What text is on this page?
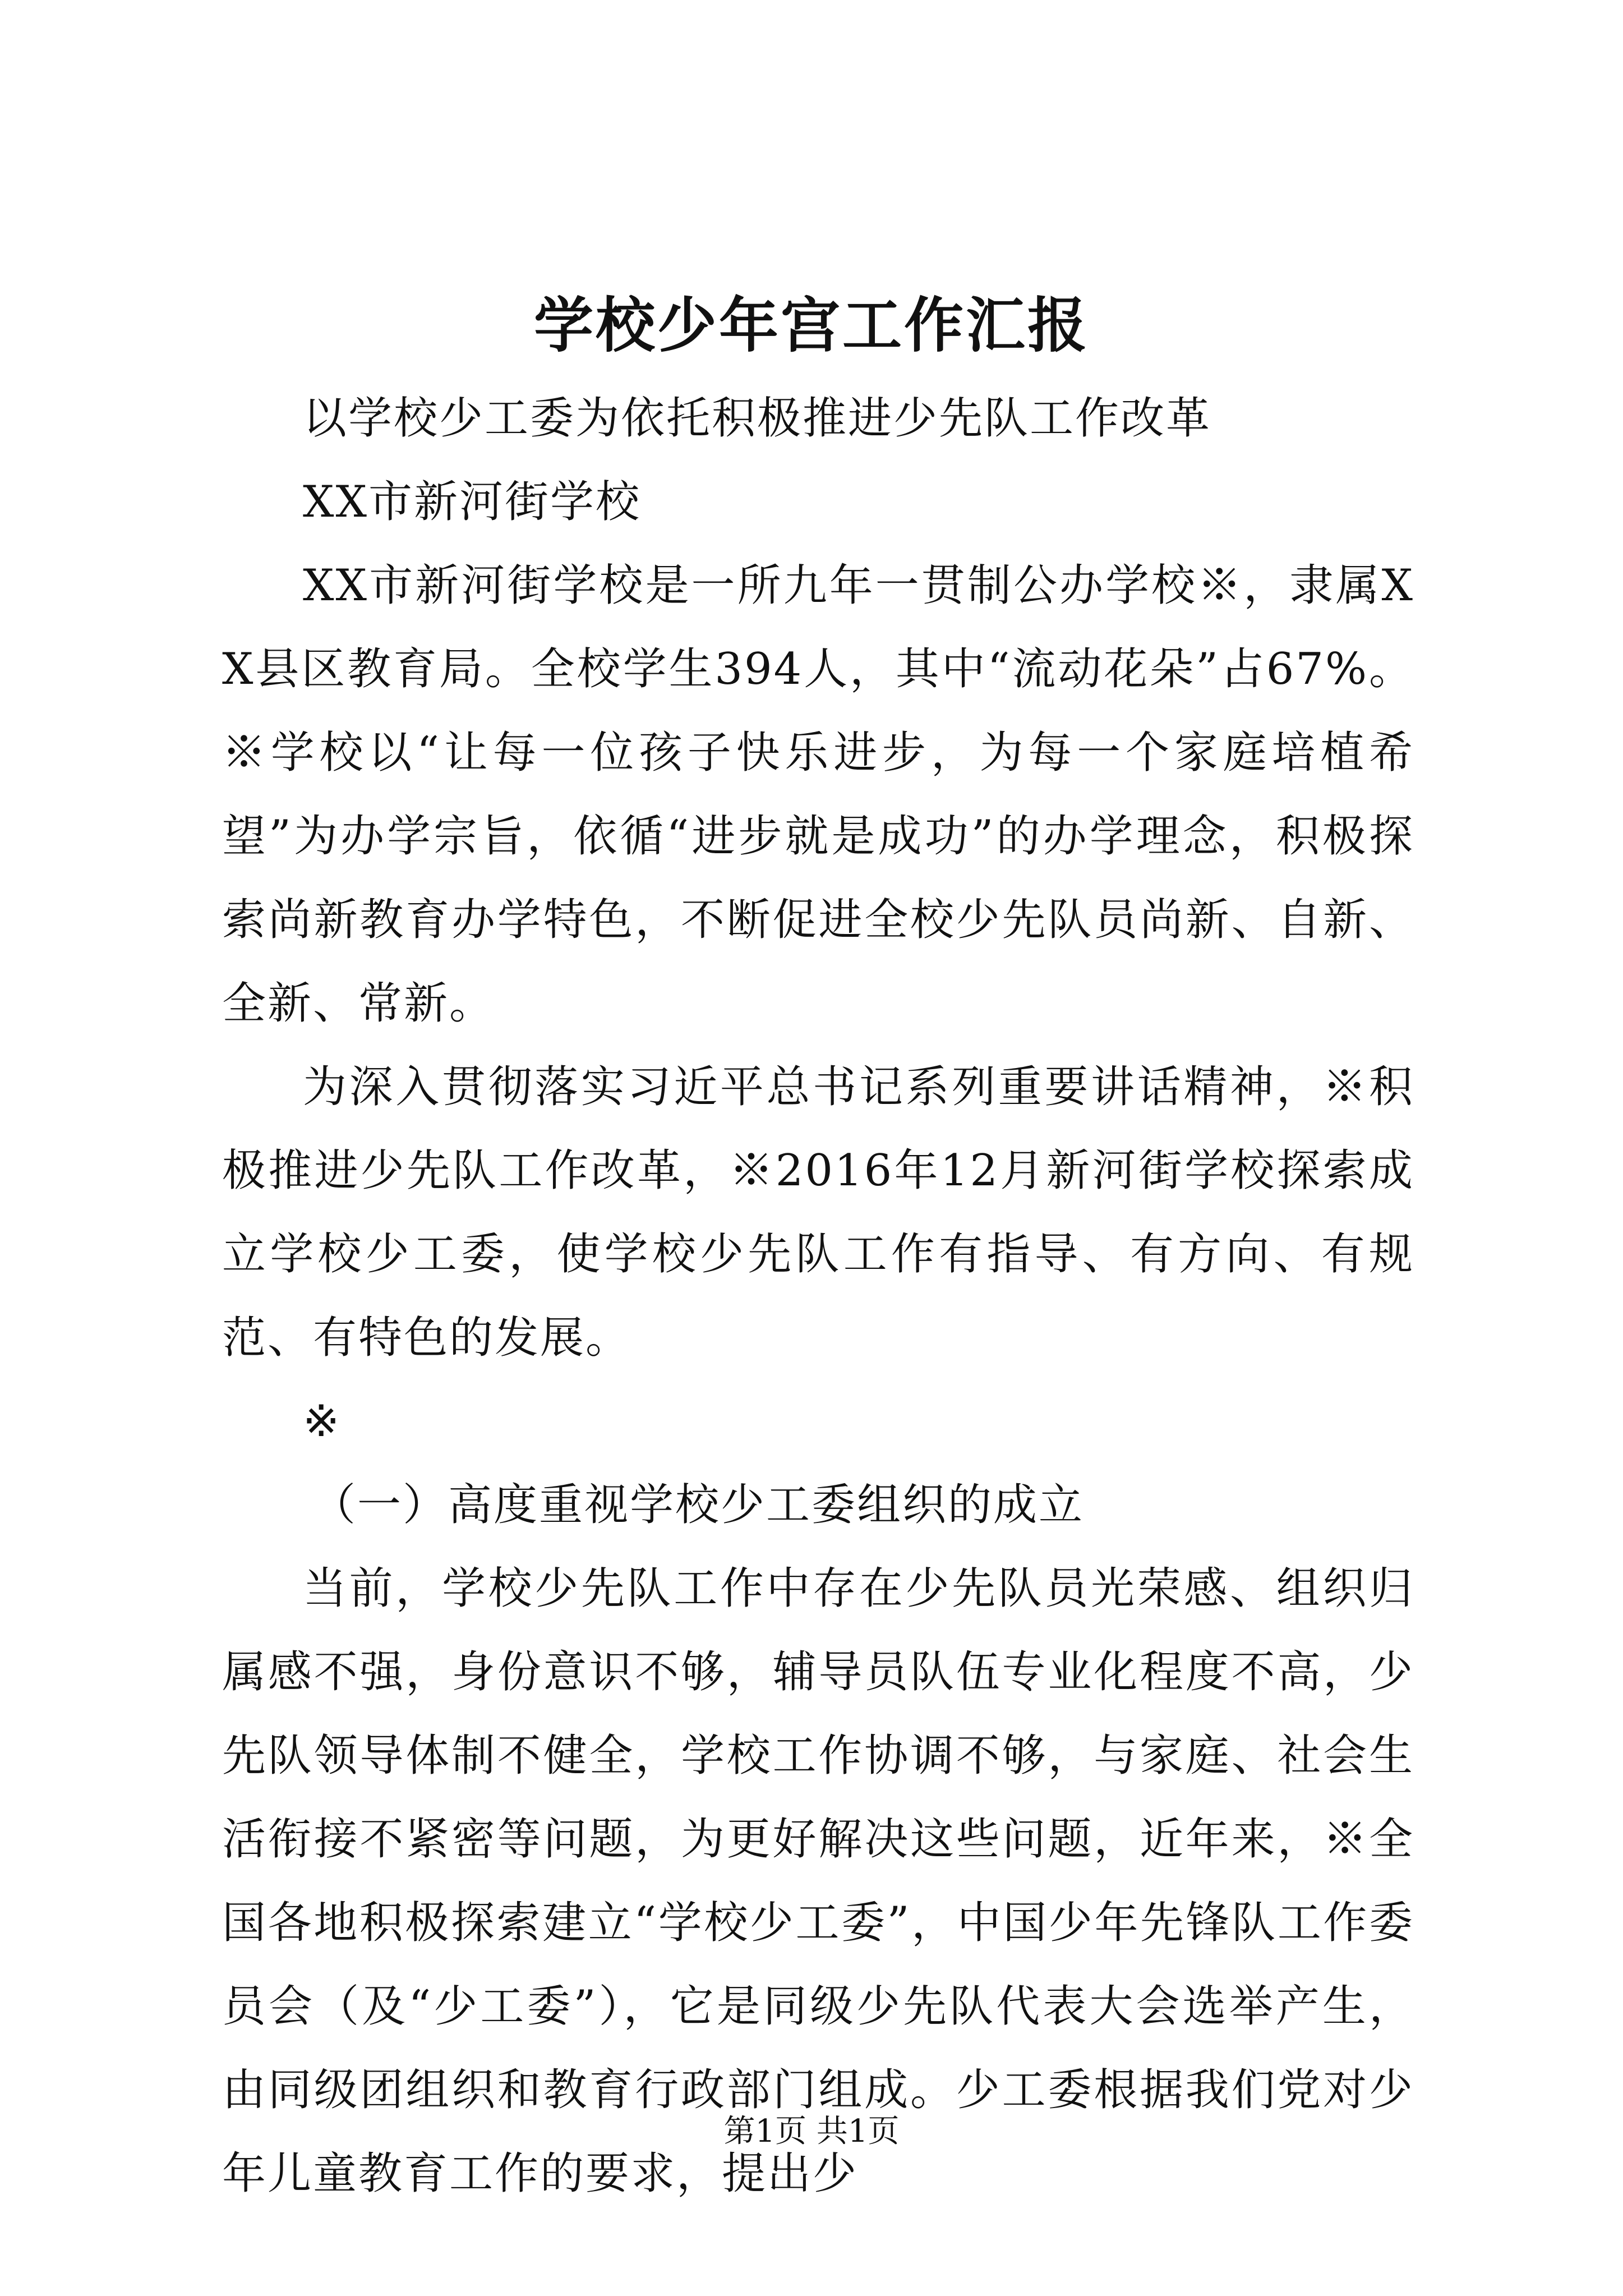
学校少年宫工作汇报

以学校少工委为依托积极推进少先队工作改革

XX市新河街学校

XX市新河街学校是一所九年一贯制公办学校※，隶属XX县区教育局。全校学生394人，其中“流动花朵”占67%。※学校以“让每一位孩子快乐进步，为每一个家庭培植希望”为办学宗旨，依循“进步就是成功”的办学理念，积极探索尚新教育办学特色，不断促进全校少先队员尚新、自新、全新、常新。

为深入贯彻落实习近平总书记系列重要讲话精神，※积极推进少先队工作改革，※2016年12月新河街学校探索成立学校少工委，使学校少先队工作有指导、有方向、有规范、有特色的发展。

※

（一）高度重视学校少工委组织的成立

当前，学校少先队工作中存在少先队员光荣感、组织归属感不强，身份意识不够，辅导员队伍专业化程度不高，少先队领导体制不健全，学校工作协调不够，与家庭、社会生活衔接不紧密等问题，为更好解决这些问题，近年来，※全国各地积极探索建立“学校少工委”，中国少年先锋队工作委员会（及“少工委”），它是同级少先队代表大会选举产生，由同级团组织和教育行政部门组成。少工委根据我们党对少年儿童教育工作的要求，提出少

第1页 共1页
